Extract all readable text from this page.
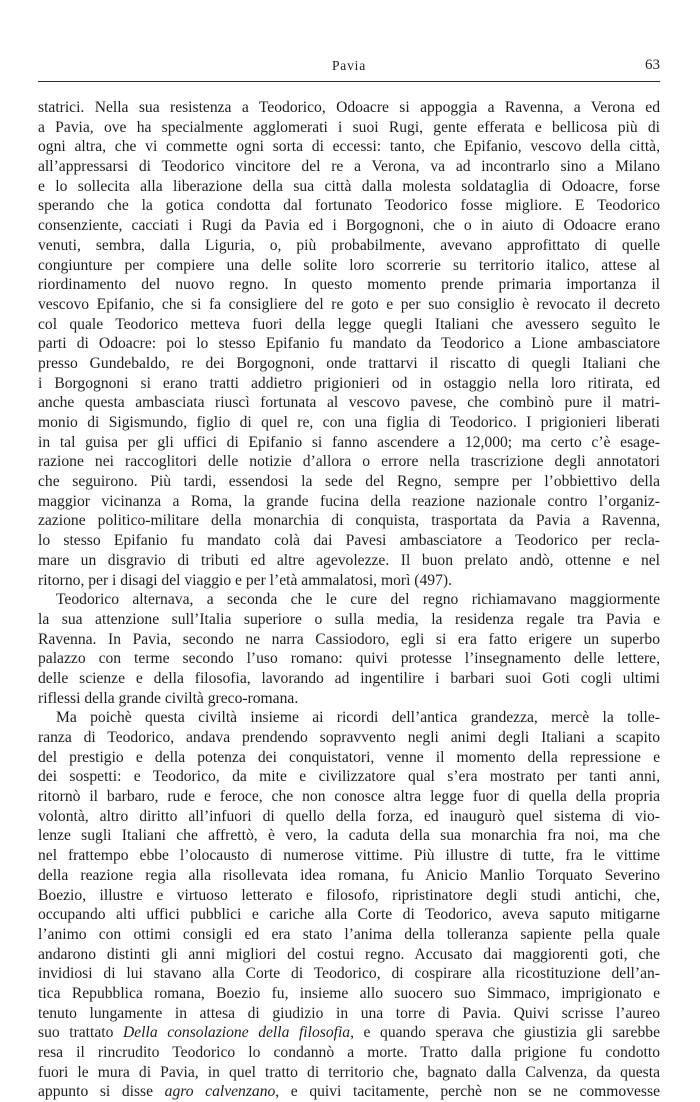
Pavia	63
statrici. Nella sua resistenza a Teodorico, Odoacre si appoggia a Ravenna, a Verona ed
a Pavia, ove ha specialmente agglomerati i suoi Rugi, gente efferata e bellicosa più di
ogni altra, che vi commette ogni sorta di eccessi: tanto, che Epifanio, vescovo della città,
all’appressarsi di Teodorico vincitore del re a Verona, va ad incontrarlo sino a Milano
e lo sollecita alla liberazione della sua città dalla molesta soldataglia di Odoacre, forse
sperando che la gotica condotta dal fortunato Teodorico fosse migliore. E Teodorico
consenziente, cacciati i Rugi da Pavia ed i Borgognoni, che o in aiuto di Odoacre erano
venuti, sembra, dalla Liguria, o, più probabilmente, avevano approfittato di quelle
congiunture per compiere una delle solite loro scorrerie su territorio italico, attese al
riordinamento del nuovo regno. In questo momento prende primaria importanza il
vescovo Epifanio, che si fa consigliere del re goto e per suo consiglio è revocato il decreto
col quale Teodorico metteva fuori della legge quegli Italiani che avessero seguìto le
parti di Odoacre: poi lo stesso Epifanio fu mandato da Teodorico a Lione ambasciatore
presso Gundebaldo, re dei Borgognoni, onde trattarvi il riscatto di quegli Italiani che
i Borgognoni si erano tratti addietro prigionieri od in ostaggio nella loro ritirata, ed
anche questa ambasciata riuscì fortunata al vescovo pavese, che combinò pure il matri-
monio di Sigismundo, figlio di quel re, con una figlia di Teodorico. I prigionieri liberati
in tal guisa per gli uffici di Epifanio si fanno ascendere a 12,000; ma certo c’è esage-
razione nei raccoglitori delle notizie d’allora o errore nella trascrizione degli annotatori
che seguirono. Più tardi, essendosi la sede del Regno, sempre per l’obbiettivo della
maggior vicinanza a Roma, la grande fucina della reazione nazionale contro l’organiz-
zazione politico-militare della monarchia di conquista, trasportata da Pavia a Ravenna,
lo stesso Epifanio fu mandato colà dai Pavesi ambasciatore a Teodorico per recla-
mare un disgravio di tributi ed altre agevolezze. Il buon prelato andò, ottenne e nel
ritorno, per i disagi del viaggio e per l’età ammalatosi, morì (497).
Teodorico alternava, a seconda che le cure del regno richiamavano maggiormente
la sua attenzione sull’Italia superiore o sulla media, la residenza regale tra Pavia e
Ravenna. In Pavia, secondo ne narra Cassiodoro, egli si era fatto erigere un superbo
palazzo con terme secondo l’uso romano: quivi protesse l’insegnamento delle lettere,
delle scienze e della filosofia, lavorando ad ingentilire i barbari suoi Goti cogli ultimi
riflessi della grande civiltà greco-romana.
Ma poichè questa civiltà insieme ai ricordi dell’antica grandezza, mercè la tolle-
ranza di Teodorico, andava prendendo sopravvento negli animi degli Italiani a scapito
del prestigio e della potenza dei conquistatori, venne il momento della repressione e
dei sospetti: e Teodorico, da mite e civilizzatore qual s’era mostrato per tanti anni,
ritornò il barbaro, rude e feroce, che non conosce altra legge fuor di quella della propria
volontà, altro diritto all’infuori di quello della forza, ed inaugurò quel sistema di vio-
lenze sugli Italiani che affrettò, è vero, la caduta della sua monarchia fra noi, ma che
nel frattempo ebbe l’olocausto di numerose vittime. Più illustre di tutte, fra le vittime
della reazione regia alla risollevata idea romana, fu Anicio Manlio Torquato Severino
Boezio, illustre e virtuoso letterato e filosofo, ripristinatore degli studi antichi, che,
occupando alti uffici pubblici e cariche alla Corte di Teodorico, aveva saputo mitigarne
l’animo con ottimi consigli ed era stato l’anima della tolleranza sapiente pella quale
andarono distinti gli anni migliori del costui regno. Accusato dai maggiorenti goti, che
invidiosi di lui stavano alla Corte di Teodorico, di cospirare alla ricostituzione dell’an-
tica Repubblica romana, Boezio fu, insieme allo suocero suo Simmaco, imprigionato e
tenuto lungamente in attesa di giudizio in una torre di Pavia. Quivi scrisse l’aureo
suo trattato Della consolazione della filosofia, e quando sperava che giustizia gli sarebbe
resa il rincrudito Teodorico lo condannò a morte. Tratto dalla prigione fu condotto
fuori le mura di Pavia, in quel tratto di territorio che, bagnato dalla Calvenza, da questa
appunto si disse agro calvenzano, e quivi tacitamente, perchè non se ne commovesse
